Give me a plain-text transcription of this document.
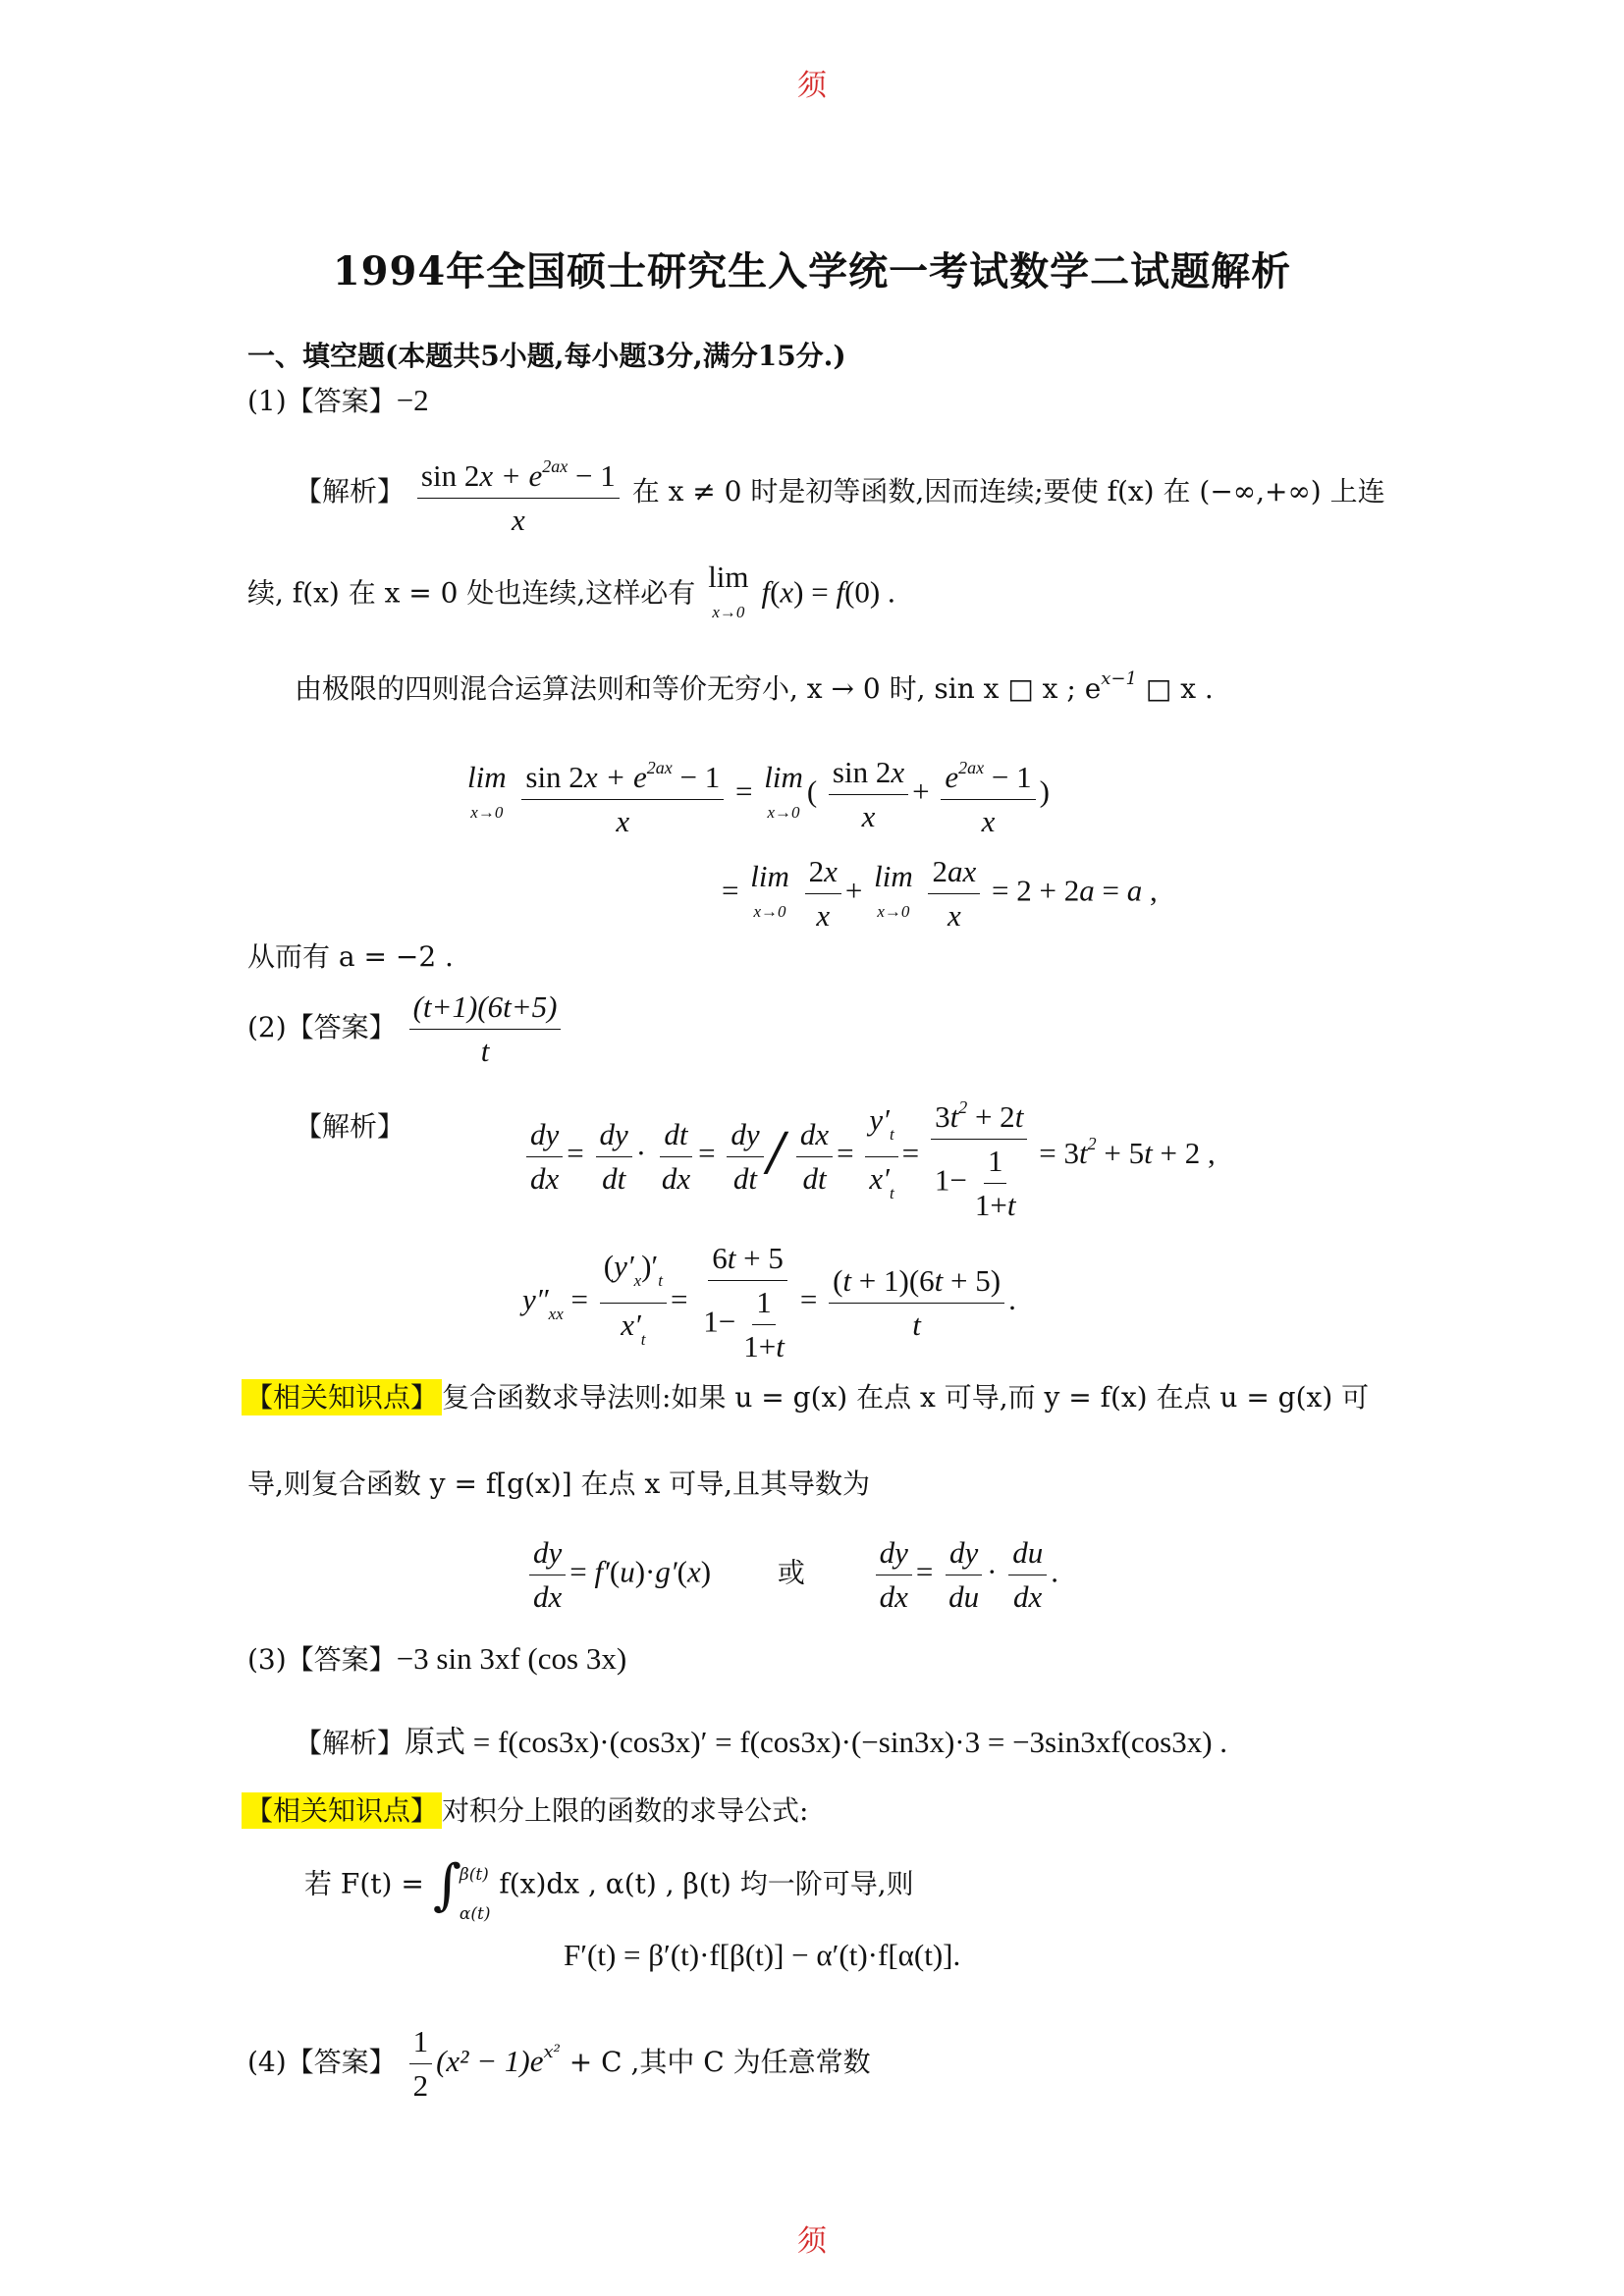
须
1994年全国硕士研究生入学统一考试数学二试题解析
一、填空题(本题共5小题,每小题3分,满分15分.)
(1)【答案】−2
【解析】 $\frac{\sin 2x + e^{2ax} - 1}{x}$ 在 x ≠ 0 时是初等函数,因而连续;要使 f(x) 在 (−∞,+∞) 上连
续, f(x) 在 x = 0 处也连续,这样必有 lim
x→0
f(x) = f(0) .
由极限的四则混合运算法则和等价无穷小, x → 0 时, sin x □ x ; $e^{x-1}$ □ x .
lim
x→0
$\frac{\sin 2x + e^{2ax} - 1}{x} = \lim$
x→0
( $\frac{\sin 2x}{x} + \frac{e^{2ax} - 1}{x}$ )
= lim
x→0
$\frac{2x}{x} + \lim$
x→0
$\frac{2ax}{x} = 2 + 2a = a$ ,
从而有 a = −2 .
(2)【答案】 $\frac{(t+1)(6t+5)}{t}$
【解析】	$\frac{dy}{dx} = \frac{dy}{dt} \cdot \frac{dt}{dx} = \frac{dy}{dt} / \frac{dx}{dt} = \frac{y'_t}{x'_t} = \frac{3t^2 + 2t}{1- \frac{1}{1+t}} = 3t^2 + 5t + 2$ ,
$y''_{xx} = \frac{(y'_x)'_t}{x'_t} = \frac{6t + 5}{1- \frac{1}{1+t}} = \frac{(t + 1)(6t + 5)}{t}$ .
【相关知识点】 复合函数求导法则:如果 u = g(x) 在点 x 可导,而 y = f(x) 在点 u = g(x) 可
导,则复合函数 y = f[g(x)] 在点 x 可导,且其导数为
$\frac{dy}{dx} = f'(u)\cdot g'(x)$ 或 $\frac{dy}{dx} = \frac{dy}{du} \cdot \frac{du}{dx}$ .
(3)【答案】−3 sin 3xf (cos 3x)
【解析】原式 = f(cos3x)·(cos3x)′ = f(cos3x)·(−sin3x)·3 = −3sin3xf(cos3x) .
【相关知识点】 对积分上限的函数的求导公式:
若 F(t) = ∫
β(t)
α(t)
f(x)dx , α(t) , β(t) 均一阶可导,则
F′(t) = β′(t)·f[β(t)] − α′(t)·f[α(t)].
(4)【答案】 $\frac{1}{2} (x^2 - 1)e^{x^2} + C$ ,其中 C 为任意常数
须
